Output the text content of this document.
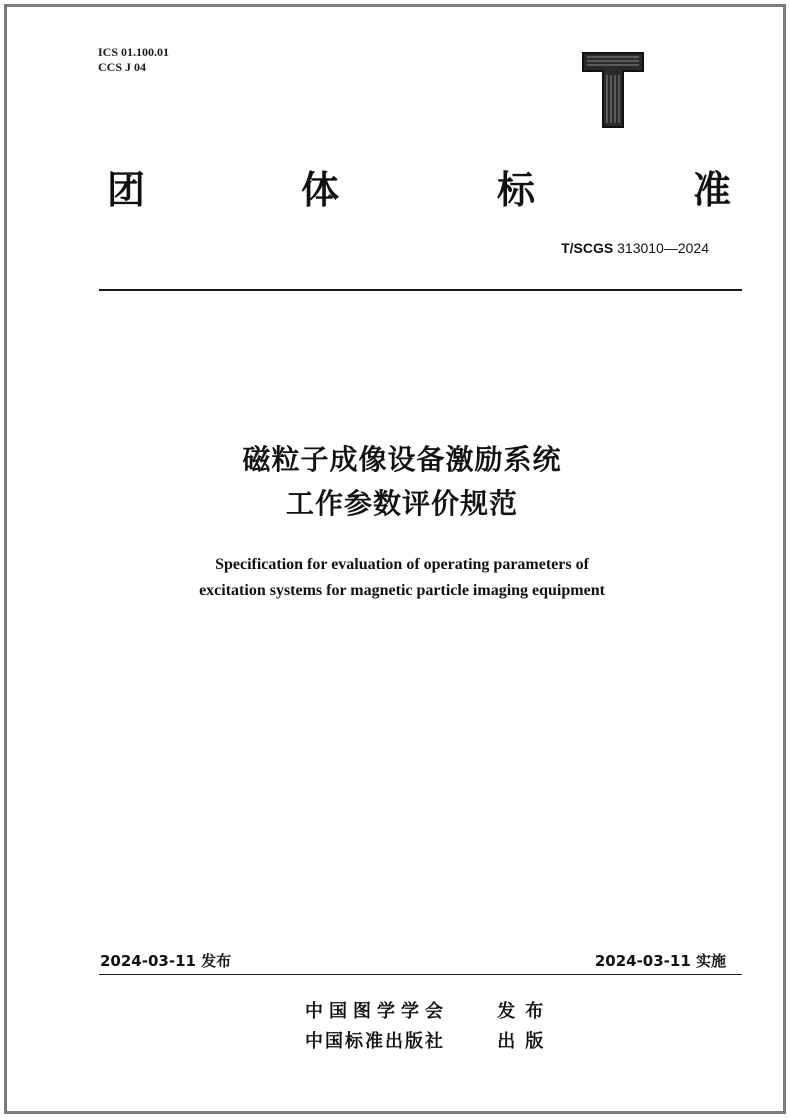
ICS 01.100.01
CCS J 04
团	体	标	准
T/SCGS 313010—2024
磁粒子成像设备激励系统
工作参数评价规范
Specification for evaluation of operating parameters of
excitation systems for magnetic particle imaging equipment
2024-03-11 发布	2024-03-11 实施
中国图学学会	发布
中国标准出版社	出版
